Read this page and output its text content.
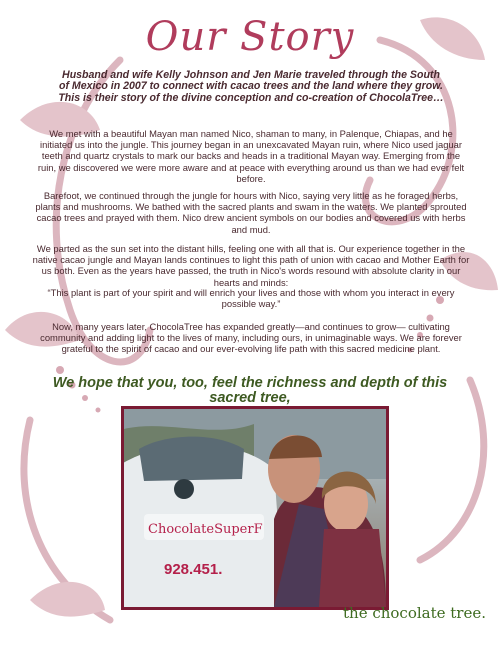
Our Story
Husband and wife Kelly Johnson and Jen Marie traveled through the South of Mexico in 2007 to connect with cacao trees and the land where they grow. This is their story of the divine conception and co-creation of ChocolaTree…
We met with a beautiful Mayan man named Nico, shaman to many, in Palenque, Chiapas, and he initiated us into the jungle. This journey began in an unexcavated Mayan ruin, where Nico used jaguar teeth and quartz crystals to mark our backs and heads in a traditional Mayan way. Emerging from the ruin, we discovered we were more aware and at peace with everything around us than we had ever felt before.
Barefoot, we continued through the jungle for hours with Nico, saying very little as he foraged herbs, plants and mushrooms. We bathed with the sacred plants and swam in the waters. We planted sprouted cacao trees and prayed with them. Nico drew ancient symbols on our bodies and covered us with herbs and mud.
We parted as the sun set into the distant hills, feeling one with all that is. Our experience together in the native cacao jungle and Mayan lands continues to light this path of union with cacao and Mother Earth for us both. Even as the years have passed, the truth in Nico's words resound with absolute clarity in our hearts and minds:
“This plant is part of your spirit and will enrich your lives and those with whom you interact in every possible way.”
Now, many years later, ChocolaTree has expanded greatly—and continues to grow— cultivating community and adding light to the lives of many, including ours, in unimaginable ways. We are forever grateful to the spirit of cacao and our ever-evolving life path with this sacred medicine plant.
We hope that you, too, feel the richness and depth of this sacred tree,
ChocolateSuperF
928.451.
the chocolate tree.
